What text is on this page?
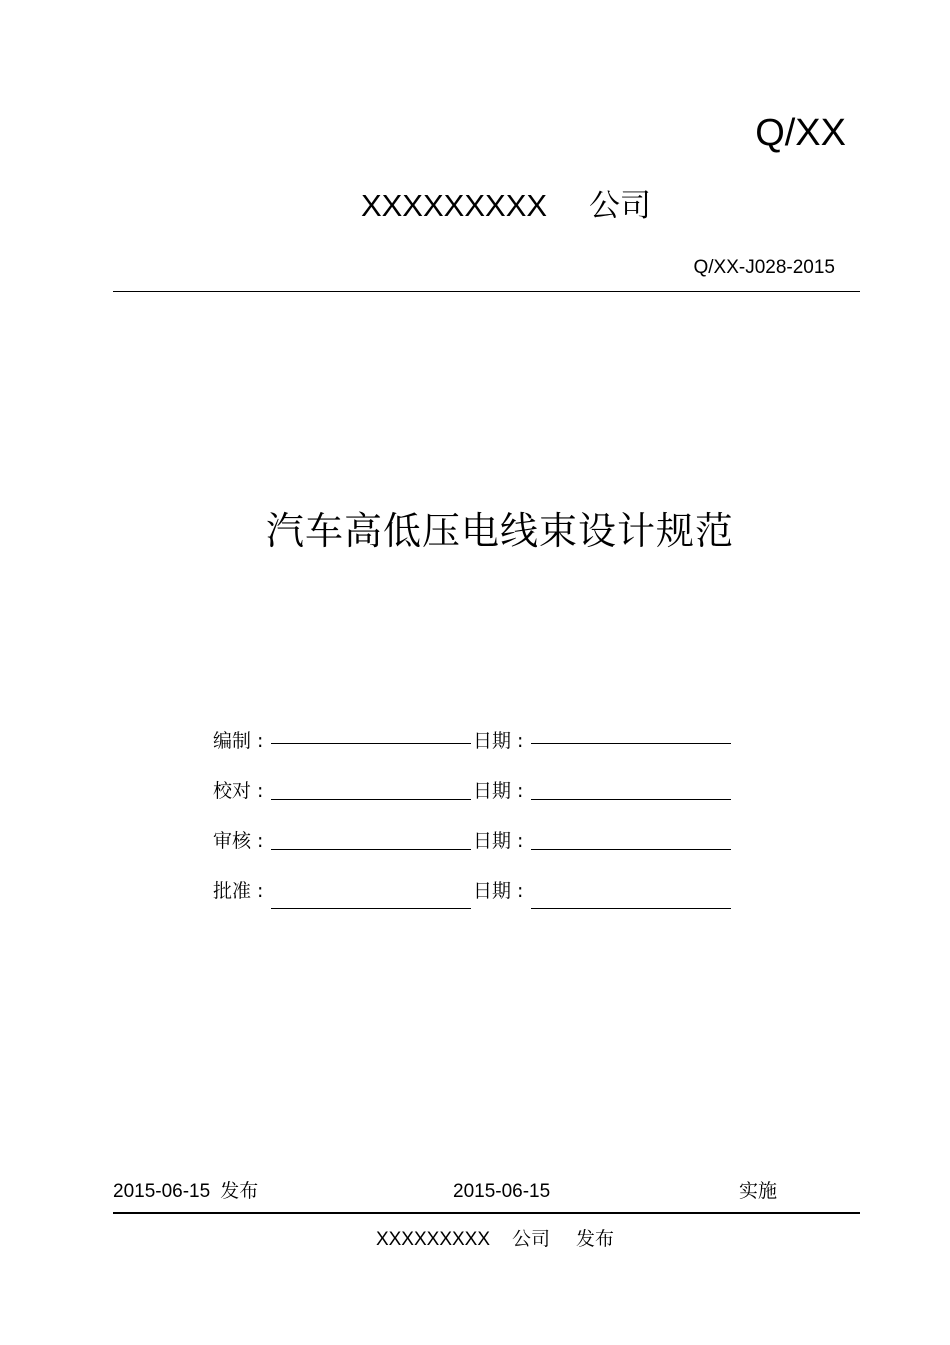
Q/XX
XXXXXXXXX 公司
Q/XX-J028-2015
汽车高低压电线束设计规范
编制 :	日期 :
校对 :	日期 :
审核 :	日期 :
批准 :	日期 :
2015-06-15 发布	2015-06-15	实施
XXXXXXXXX 公司 发布
